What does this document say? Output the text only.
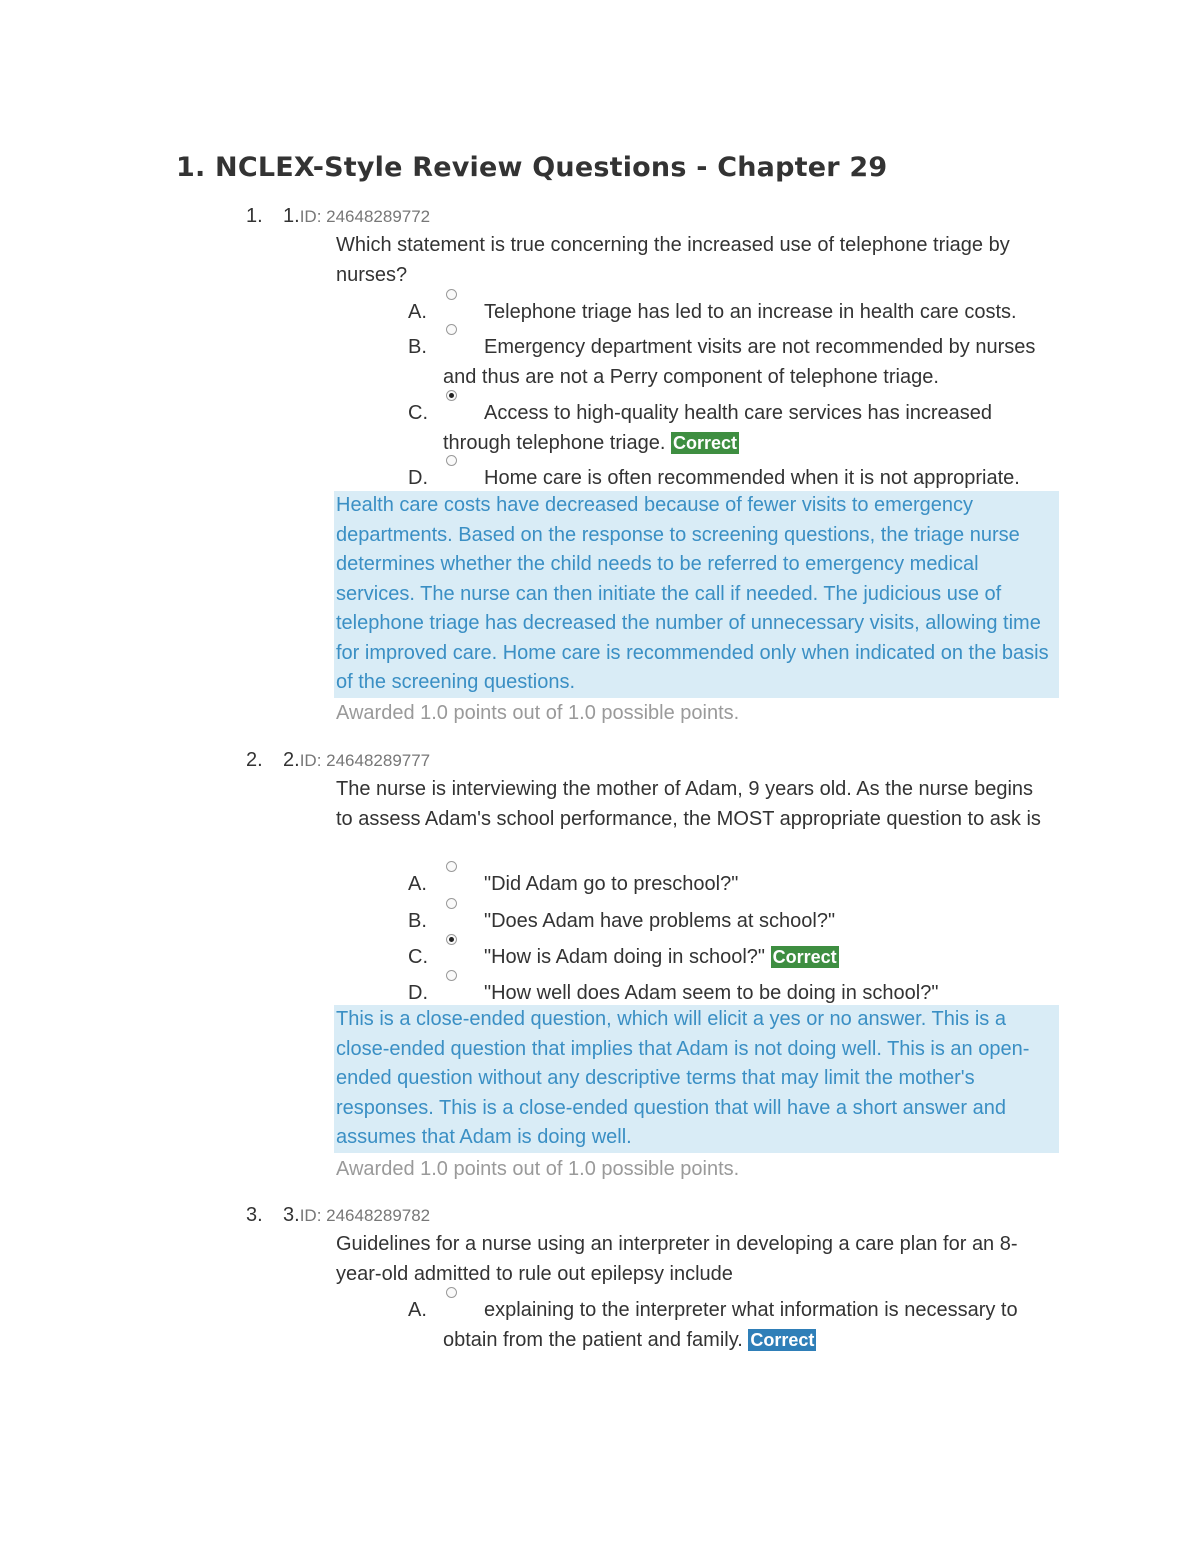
1. NCLEX-Style Review Questions - Chapter 29
1. 1.ID: 24648289772
Which statement is true concerning the increased use of telephone triage by nurses?
A.	Telephone triage has led to an increase in health care costs.
B.	Emergency department visits are not recommended by nurses and thus are not a Perry component of telephone triage.
C.	Access to high-quality health care services has increased through telephone triage. Correct
D.	Home care is often recommended when it is not appropriate.
Health care costs have decreased because of fewer visits to emergency departments. Based on the response to screening questions, the triage nurse determines whether the child needs to be referred to emergency medical services. The nurse can then initiate the call if needed. The judicious use of telephone triage has decreased the number of unnecessary visits, allowing time for improved care. Home care is recommended only when indicated on the basis of the screening questions.
Awarded 1.0 points out of 1.0 possible points.
2. 2.ID: 24648289777
The nurse is interviewing the mother of Adam, 9 years old. As the nurse begins to assess Adam's school performance, the MOST appropriate question to ask is
A.	"Did Adam go to preschool?"
B.	"Does Adam have problems at school?"
C.	"How is Adam doing in school?" Correct
D.	"How well does Adam seem to be doing in school?"
This is a close-ended question, which will elicit a yes or no answer. This is a close-ended question that implies that Adam is not doing well. This is an open-ended question without any descriptive terms that may limit the mother's responses. This is a close-ended question that will have a short answer and assumes that Adam is doing well.
Awarded 1.0 points out of 1.0 possible points.
3. 3.ID: 24648289782
Guidelines for a nurse using an interpreter in developing a care plan for an 8-year-old admitted to rule out epilepsy include
A.	explaining to the interpreter what information is necessary to obtain from the patient and family. Correct
